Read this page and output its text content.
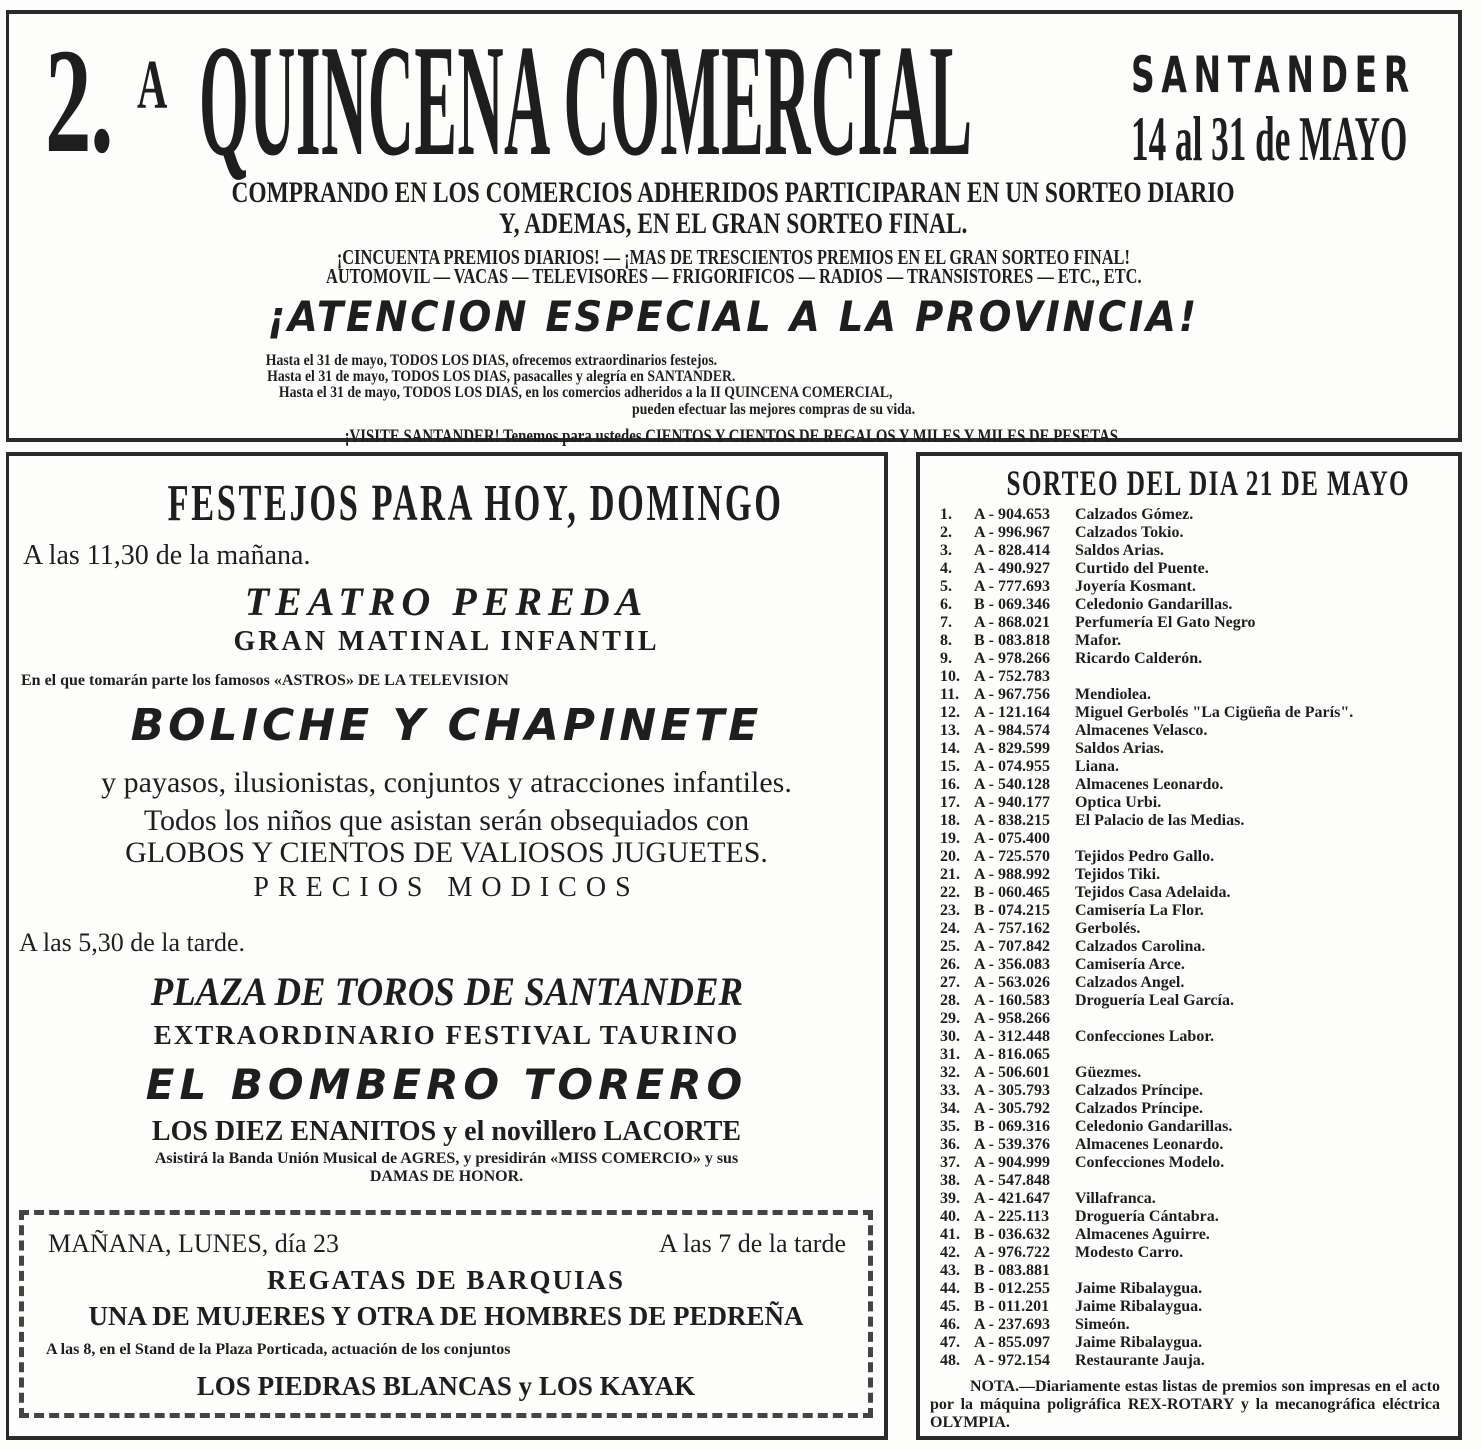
2. A QUINCENA COMERCIAL	SANTANDER
14 al 31 de MAYO
COMPRANDO EN LOS COMERCIOS ADHERIDOS PARTICIPARAN EN UN SORTEO DIARIO
Y, ADEMAS, EN EL GRAN SORTEO FINAL.
¡CINCUENTA PREMIOS DIARIOS! — ¡MAS DE TRESCIENTOS PREMIOS EN EL GRAN SORTEO FINAL!
AUTOMOVIL — VACAS — TELEVISORES — FRIGORIFICOS — RADIOS — TRANSISTORES — ETC., ETC.
¡ATENCION ESPECIAL A LA PROVINCIA!
Hasta el 31 de mayo, TODOS LOS DIAS, ofrecemos extraordinarios festejos.
Hasta el 31 de mayo, TODOS LOS DIAS, pasacalles y alegría en SANTANDER.
Hasta el 31 de mayo, TODOS LOS DIAS, en los comercios adheridos a la II QUINCENA COMERCIAL,
pueden efectuar las mejores compras de su vida.
¡VISITE SANTANDER! Tenemos para ustedes CIENTOS Y CIENTOS DE REGALOS Y MILES Y MILES DE PESETAS.
FESTEJOS PARA HOY, DOMINGO
A las 11,30 de la mañana.
TEATRO PEREDA
GRAN MATINAL INFANTIL
En el que tomarán parte los famosos «ASTROS» DE LA TELEVISION
BOLICHE Y CHAPINETE
y payasos, ilusionistas, conjuntos y atracciones infantiles.
Todos los niños que asistan serán obsequiados con
GLOBOS Y CIENTOS DE VALIOSOS JUGUETES.
PRECIOS MODICOS
A las 5,30 de la tarde.
PLAZA DE TOROS DE SANTANDER
EXTRAORDINARIO FESTIVAL TAURINO
EL BOMBERO TORERO
LOS DIEZ ENANITOS y el novillero LACORTE
Asistirá la Banda Unión Musical de AGRES, y presidirán «MISS COMERCIO» y sus
DAMAS DE HONOR.
MAÑANA, LUNES, día 23	A las 7 de la tarde
REGATAS DE BARQUIAS
UNA DE MUJERES Y OTRA DE HOMBRES DE PEDREÑA
A las 8, en el Stand de la Plaza Porticada, actuación de los conjuntos
LOS PIEDRAS BLANCAS y LOS KAYAK
SORTEO DEL DIA 21 DE MAYO
1.	A - 904.653 Calzados Gómez.
2.	A - 996.967 Calzados Tokio.
3.	A - 828.414 Saldos Arias.
4.	A - 490.927 Curtido del Puente.
5.	A - 777.693 Joyería Kosmant.
6.	B - 069.346 Celedonio Gandarillas.
7.	A - 868.021 Perfumería El Gato Negro
8.	B - 083.818 Mafor.
9.	A - 978.266 Ricardo Calderón.
10. A - 752.783
11. A - 967.756 Mendiolea.
12. A - 121.164 Miguel Gerbolés "La Cigüeña de París".
13. A - 984.574 Almacenes Velasco.
14. A - 829.599 Saldos Arias.
15. A - 074.955 Liana.
16. A - 540.128 Almacenes Leonardo.
17. A - 940.177 Optica Urbi.
18. A - 838.215 El Palacio de las Medias.
19. A - 075.400
20. A - 725.570 Tejidos Pedro Gallo.
21. A - 988.992 Tejidos Tiki.
22. B - 060.465 Tejidos Casa Adelaida.
23. B - 074.215 Camisería La Flor.
24. A - 757.162 Gerbolés.
25. A - 707.842 Calzados Carolina.
26. A - 356.083 Camisería Arce.
27. A - 563.026 Calzados Angel.
28. A - 160.583 Droguería Leal García.
29. A - 958.266
30. A - 312.448 Confecciones Labor.
31. A - 816.065
32. A - 506.601 Güezmes.
33. A - 305.793 Calzados Príncipe.
34. A - 305.792 Calzados Príncipe.
35. B - 069.316 Celedonio Gandarillas.
36. A - 539.376 Almacenes Leonardo.
37. A - 904.999 Confecciones Modelo.
38. A - 547.848
39. A - 421.647 Villafranca.
40. A - 225.113 Droguería Cántabra.
41. B - 036.632 Almacenes Aguirre.
42. A - 976.722 Modesto Carro.
43. B - 083.881
44. B - 012.255 Jaime Ribalaygua.
45. B - 011.201 Jaime Ribalaygua.
46. A - 237.693 Simeón.
47. A - 855.097 Jaime Ribalaygua.
48. A - 972.154 Restaurante Jauja.

NOTA.—Diariamente estas listas de premios son impresas en el acto por la máquina poligráfica REX-ROTARY y la mecanográfica eléctrica OLYMPIA.
